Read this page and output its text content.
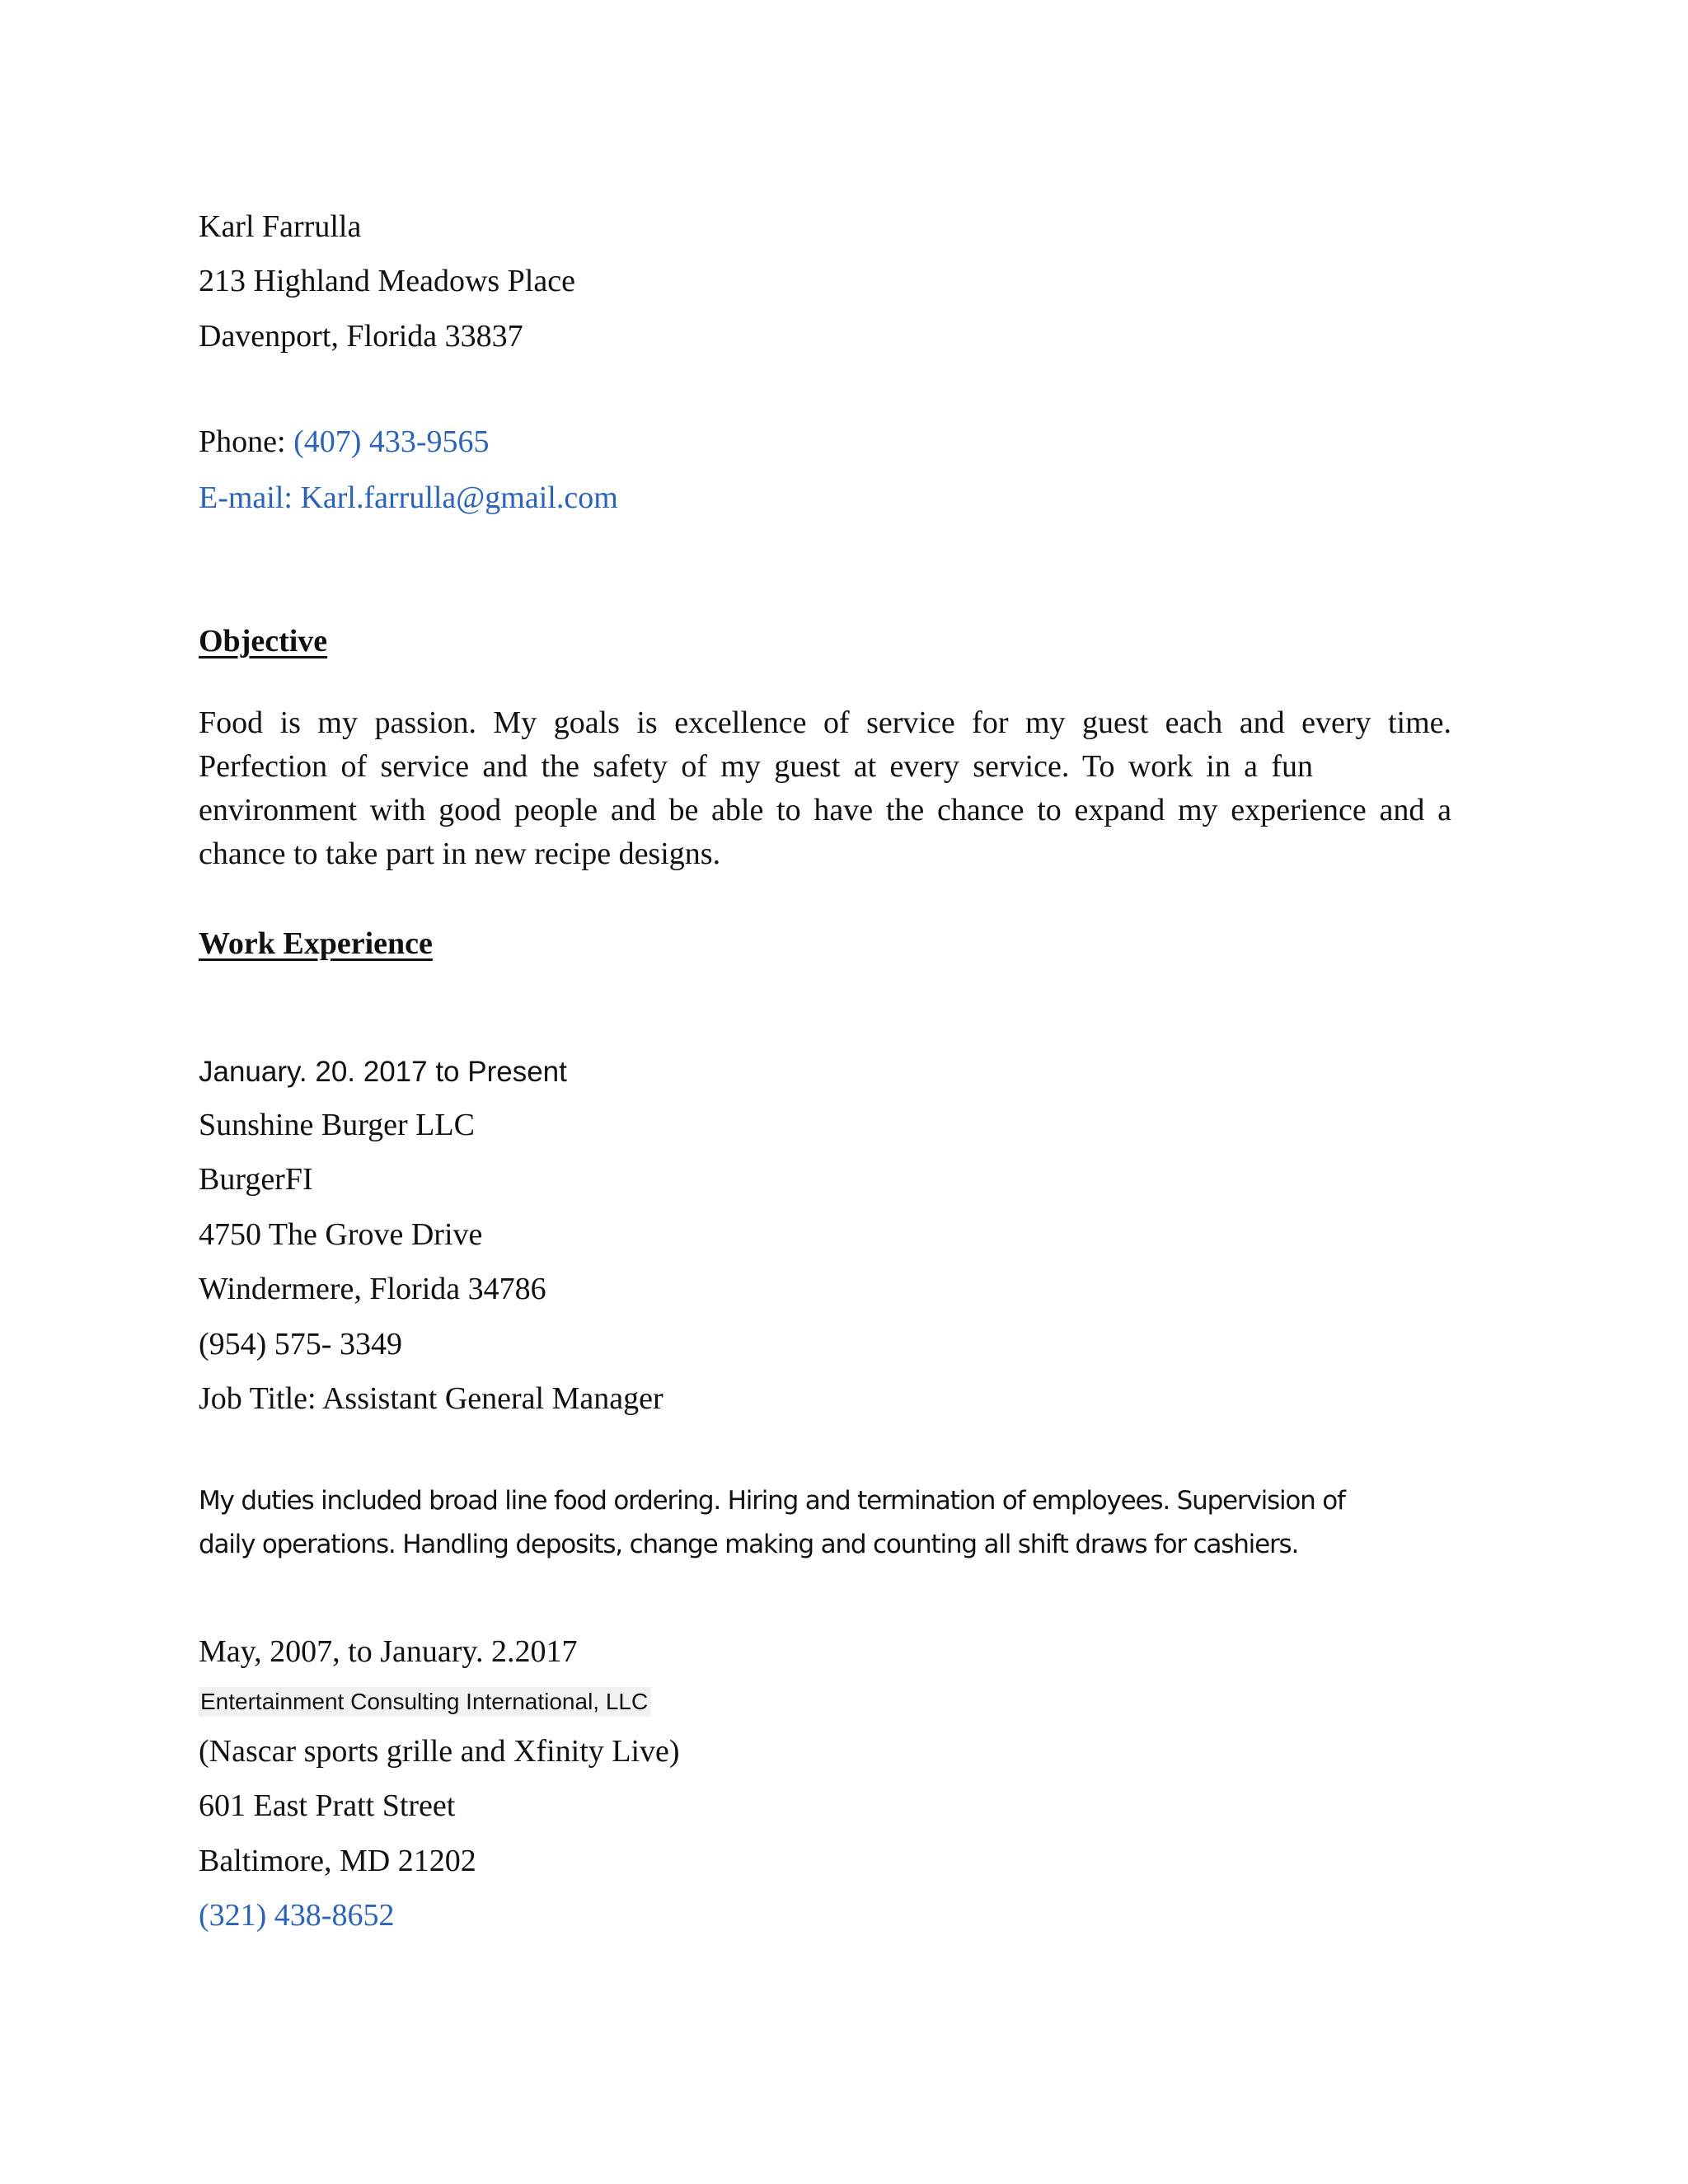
Karl Farrulla

213 Highland Meadows Place

Davenport, Florida 33837

Phone: (407) 433-9565

E-mail: Karl.farrulla@gmail.com

Objective

Food is my passion. My goals is excellence of service for my guest each and every time.
Perfection of service and the safety of my guest at every service. To work in a fun
environment with good people and be able to have the chance to expand my experience and a
chance to take part in new recipe designs.

Work Experience

January. 20. 2017 to Present

Sunshine Burger LLC

BurgerFI

4750 The Grove Drive

Windermere, Florida 34786

(954) 575- 3349

Job Title: Assistant General Manager

My duties included broad line food ordering. Hiring and termination of employees. Supervision of
daily operations. Handling deposits, change making and counting all shift draws for cashiers.

May, 2007, to January. 2.2017

Entertainment Consulting International, LLC

(Nascar sports grille and Xfinity Live)

601 East Pratt Street

Baltimore, MD 21202

(321) 438-8652
